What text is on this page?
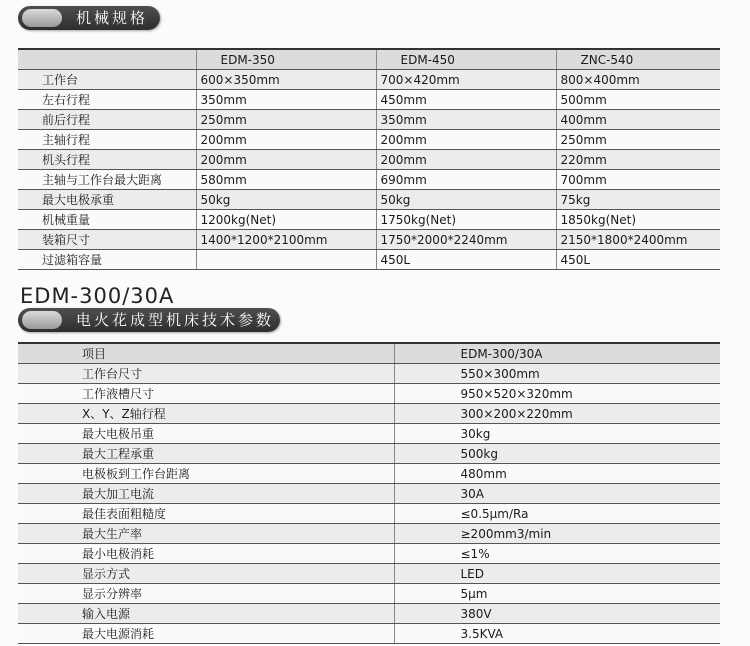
机械规格
	EDM-350	EDM-450	ZNC-540
工作台	600×350mm	700×420mm	800×400mm
左右行程	350mm	450mm	500mm
前后行程	250mm	350mm	400mm
主轴行程	200mm	200mm	250mm
机头行程	200mm	200mm	220mm
主轴与工作台最大距离	580mm	690mm	700mm
最大电极承重	50kg	50kg	75kg
机械重量	1200kg(Net)	1750kg(Net)	1850kg(Net)
装箱尺寸	1400*1200*2100mm	1750*2000*2240mm	2150*1800*2400mm
过滤箱容量		450L	450L
EDM-300/30A
电火花成型机床技术参数
	项目	EDM-300/30A
	工作台尺寸	550×300mm
	工作液槽尺寸	950×520×320mm
	X、Y、Z轴行程	300×200×220mm
	最大电极吊重	30kg
	最大工程承重	500kg
	电极板到工作台距离	480mm
	最大加工电流	30A
	最佳表面粗糙度	≤0.5μm/Ra
	最大生产率	≥200mm3/min
	最小电极消耗	≤1%
	显示方式	LED
	显示分辨率	5μm
	输入电源	380V
	最大电源消耗	3.5KVA
